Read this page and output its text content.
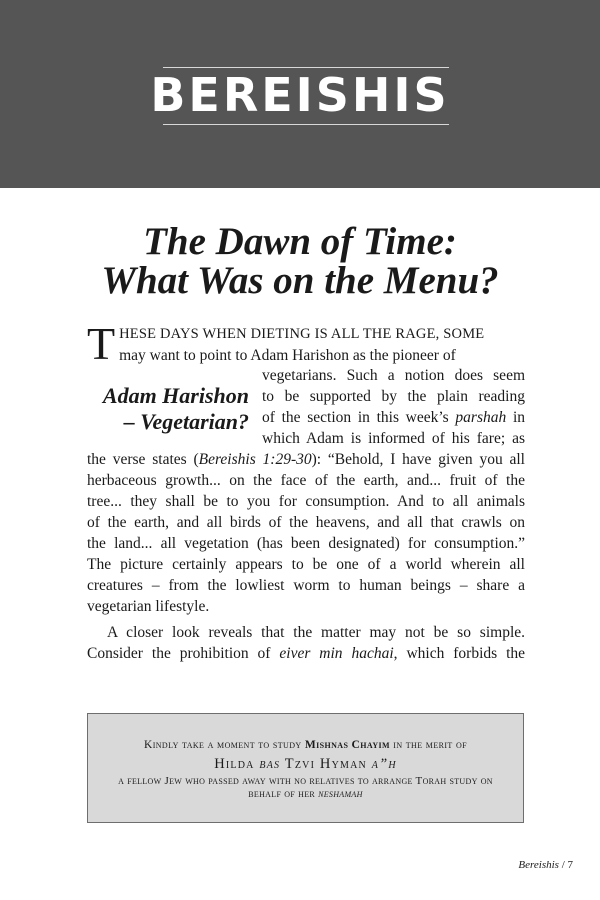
BEREISHIS
The Dawn of Time:
What Was on the Menu?
T HESE DAYS WHEN DIETING IS ALL THE RAGE, SOME
may want to point to Adam Harishon as the pioneer of
Adam Harishon
– Vegetarian?
vegetarians. Such a notion does seem
to be supported by the plain reading
of the section in this week’s parshah in
which Adam is informed of his fare; as
the verse states (Bereishis 1:29-30): “Behold, I have given you all
herbaceous growth... on the face of the earth, and... fruit of the
tree... they shall be to you for consumption. And to all animals
of the earth, and all birds of the heavens, and all that crawls on
the land... all vegetation (has been designated) for consumption.”
The picture certainly appears to be one of a world wherein all
creatures – from the lowliest worm to human beings – share a
vegetarian lifestyle.
A closer look reveals that the matter may not be so simple.
Consider the prohibition of eiver min hachai, which forbids the
Kindly take a moment to study Mishnas Chayim in the merit of
Hilda bas Tzvi Hyman a”h
a fellow Jew who passed away with no relatives to arrange Torah study on behalf of her neshamah
Bereishis / 7
